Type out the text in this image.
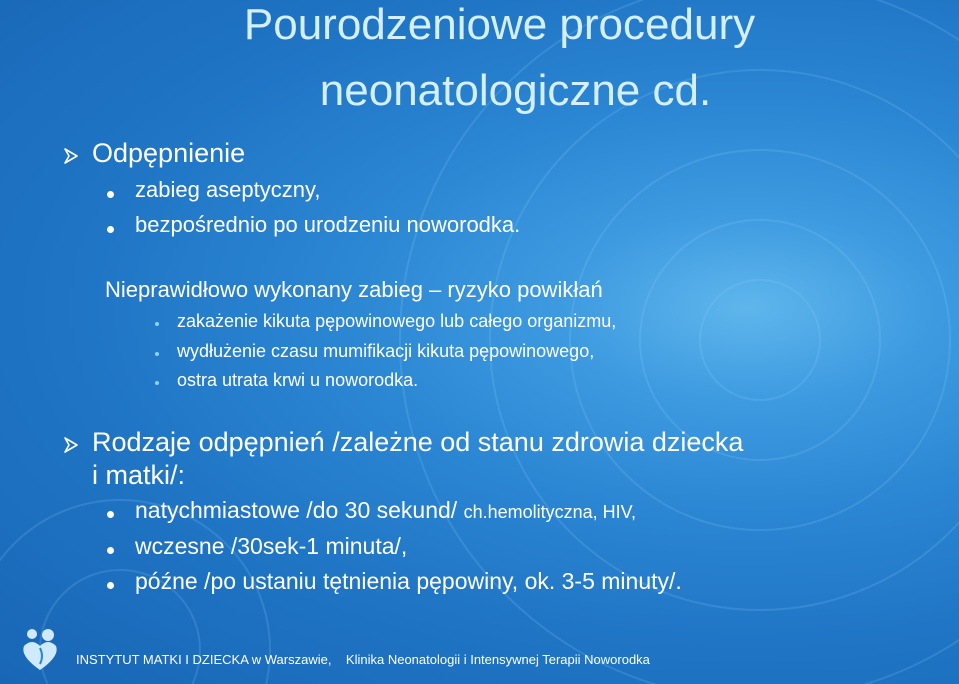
Pourodzeniowe procedury
neonatologiczne cd.
Odpępnienie
zabieg aseptyczny,
bezpośrednio po urodzeniu noworodka.
Nieprawidłowo wykonany zabieg – ryzyko powikłań
zakażenie kikuta pępowinowego lub całego organizmu,
wydłużenie czasu mumifikacji kikuta pępowinowego,
ostra utrata krwi u noworodka.
Rodzaje odpępnień /zależne od stanu zdrowia dziecka
i matki/:
natychmiastowe /do 30 sekund/ ch.hemolityczna, HIV,
wczesne /30sek-1 minuta/,
późne /po ustaniu tętnienia pępowiny, ok. 3-5 minuty/.
INSTYTUT MATKI I DZIECKA w Warszawie, Klinika Neonatologii i Intensywnej Terapii Noworodka
